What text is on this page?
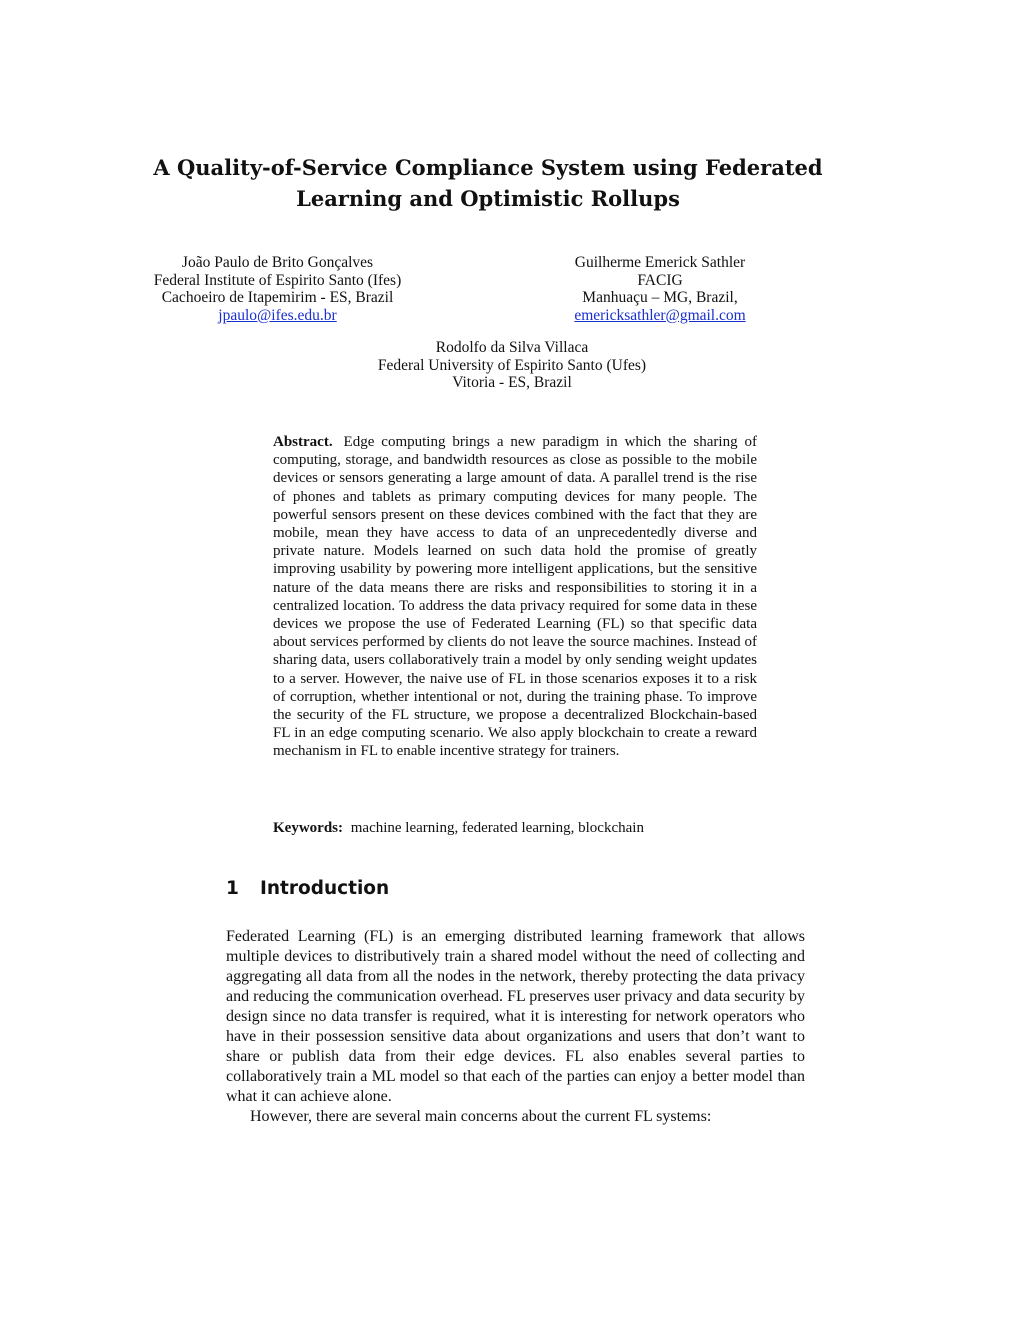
A Quality-of-Service Compliance System using Federated
Learning and Optimistic Rollups
João Paulo de Brito Gonçalves
Federal Institute of Espirito Santo (Ifes)
Cachoeiro de Itapemirim - ES, Brazil
jpaulo@ifes.edu.br
Guilherme Emerick Sathler
FACIG
Manhuaçu – MG, Brazil,
emericksathler@gmail.com
Rodolfo da Silva Villaca
Federal University of Espirito Santo (Ufes)
Vitoria - ES, Brazil
Abstract. Edge computing brings a new paradigm in which the sharing of computing, storage, and bandwidth resources as close as possible to the mobile devices or sensors generating a large amount of data. A parallel trend is the rise of phones and tablets as primary computing devices for many people. The powerful sensors present on these devices combined with the fact that they are mobile, mean they have access to data of an unprecedentedly diverse and private nature. Models learned on such data hold the promise of greatly improving usability by powering more intelligent applications, but the sensitive nature of the data means there are risks and responsibilities to storing it in a centralized location. To address the data privacy required for some data in these devices we propose the use of Federated Learning (FL) so that specific data about services performed by clients do not leave the source machines. Instead of sharing data, users collaboratively train a model by only sending weight updates to a server. However, the naive use of FL in those scenarios exposes it to a risk of corruption, whether intentional or not, during the training phase. To improve the security of the FL structure, we propose a decentralized Blockchain-based FL in an edge computing scenario. We also apply blockchain to create a reward mechanism in FL to enable incentive strategy for trainers.
Keywords: machine learning, federated learning, blockchain
1 Introduction

Federated Learning (FL) is an emerging distributed learning framework that allows multiple devices to distributively train a shared model without the need of collecting and aggregating all data from all the nodes in the network, thereby protecting the data privacy and reducing the communication overhead. FL preserves user privacy and data security by design since no data transfer is required, what it is interesting for network operators who have in their possession sensitive data about organizations and users that don’t want to share or publish data from their edge devices. FL also enables several parties to collaboratively train a ML model so that each of the parties can enjoy a better model than what it can achieve alone.

However, there are several main concerns about the current FL systems:
